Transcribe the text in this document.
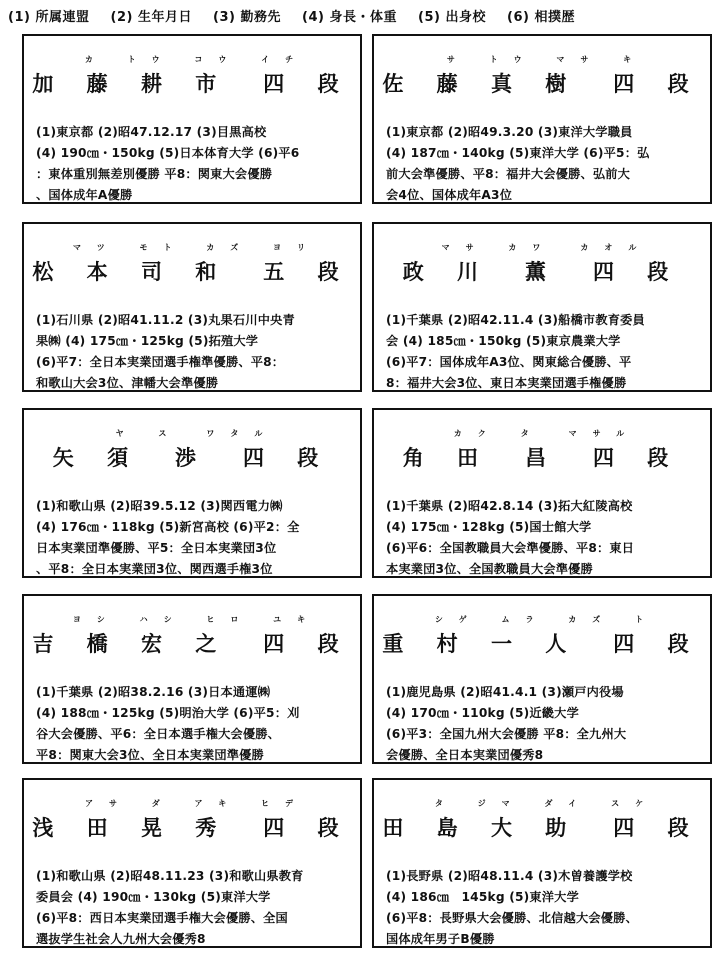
(1) 所属連盟 (2) 生年月日 (3) 勤務先 (4) 身長・体重 (5) 出身校 (6) 相撲歴
カ トウ コウ イチ
加 藤 耕 市　四 段
(1)東京都 (2)昭47.12.17 (3)目黒高校
(4) 190㎝・150kg (5)日本体育大学 (6)平6
：東体重別無差別優勝 平8：関東大会優勝
、国体成年A優勝
サ トウ マサ キ
佐 藤 真 樹　四 段
(1)東京都 (2)昭49.3.20 (3)東洋大学職員
(4) 187㎝・140kg (5)東洋大学 (6)平5：弘
前大会準優勝、平8：福井大会優勝、弘前大
会4位、国体成年A3位
マツ モト カズ ヨリ
松 本 司 和　五 段
(1)石川県 (2)昭41.11.2 (3)丸果石川中央青
果㈱ (4) 175㎝・125kg (5)拓殖大学
(6)平7：全日本実業団選手権準優勝、平8：
和歌山大会3位、津幡大会準優勝
マサ カワ　カオル
政 川　薫　四 段
(1)千葉県 (2)昭42.11.4 (3)船橋市教育委員
会 (4) 185㎝・150kg (5)東京農業大学
(6)平7：国体成年A3位、関東総合優勝、平
8：福井大会3位、東日本実業団選手権優勝
ヤ ス　ワタル
矢 須　渉　四 段
(1)和歌山県 (2)昭39.5.12 (3)関西電力㈱
(4) 176㎝・118kg (5)新宮高校 (6)平2：全
日本実業団準優勝、平5：全日本実業団3位
、平8：全日本実業団3位、関西選手権3位
カク タ　マサル
角 田　昌　四 段
(1)千葉県 (2)昭42.8.14 (3)拓大紅陵高校
(4) 175㎝・128kg (5)国士館大学
(6)平6：全国教職員大会準優勝、平8：東日
本実業団3位、全国教職員大会準優勝
ヨシ ハシ ヒロ ユキ
吉 橋 宏 之　四 段
(1)千葉県 (2)昭38.2.16 (3)日本通運㈱
(4) 188㎝・125kg (5)明治大学 (6)平5：刈
谷大会優勝、平6：全日本選手権大会優勝、
平8：関東大会3位、全日本実業団準優勝
シゲ ムラ カズ ト
重 村 一 人　四 段
(1)鹿児島県 (2)昭41.4.1 (3)瀬戸内役場
(4) 170㎝・110kg (5)近畿大学
(6)平3：全国九州大会優勝 平8：全九州大
会優勝、全日本実業団優秀8
アサ ダ アキ ヒデ
浅 田 晃 秀　四 段
(1)和歌山県 (2)昭48.11.23 (3)和歌山県教育
委員会 (4) 190㎝・130kg (5)東洋大学
(6)平8：西日本実業団選手権大会優勝、全国
選抜学生社会人九州大会優秀8
タ ジマ ダイ スケ
田 島 大 助　四 段
(1)長野県 (2)昭48.11.4 (3)木曽養護学校
(4) 186㎝　145kg (5)東洋大学
(6)平8：長野県大会優勝、北信越大会優勝、
国体成年男子B優勝
